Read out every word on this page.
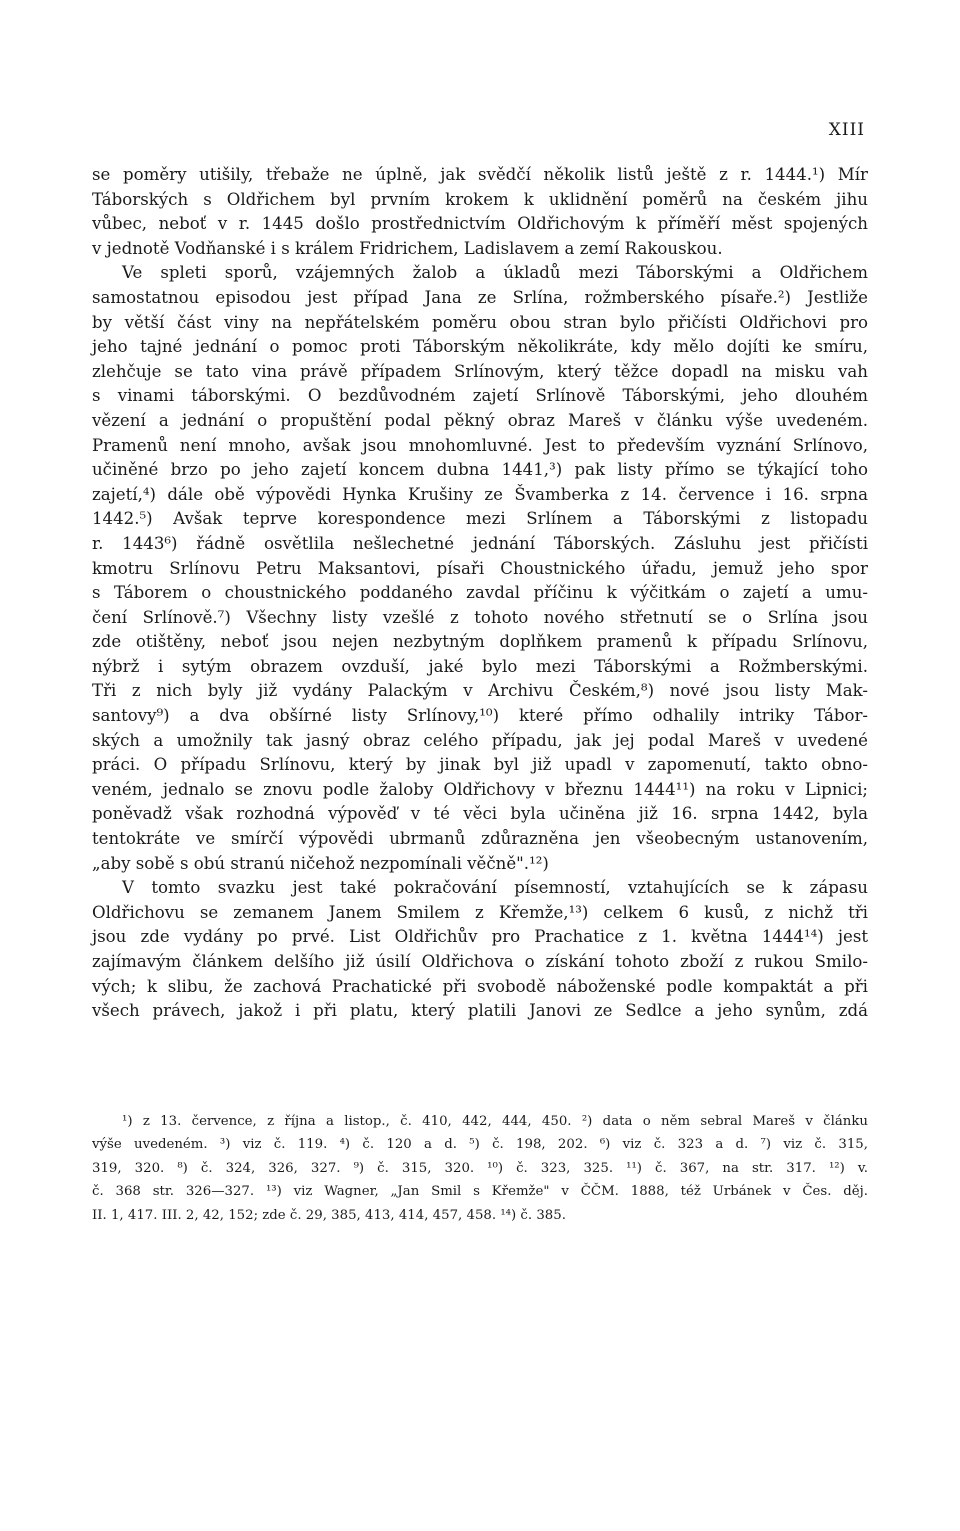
XIII
se poměry utišily, třebaže ne úplně, jak svědčí několik listů ještě z r. 1444.¹) Mír
Táborských s Oldřichem byl prvním krokem k uklidnění poměrů na českém jihu
vůbec, neboť v r. 1445 došlo prostřednictvím Oldřichovým k příměří měst spojených
v jednotě Vodňanské i s králem Fridrichem, Ladislavem a zemí Rakouskou.
Ve spleti sporů, vzájemných žalob a úkladů mezi Táborskými a Oldřichem
samostatnou episodou jest případ Jana ze Srlína, rožmberského písaře.²) Jestliže
by větší část viny na nepřátelském poměru obou stran bylo přičísti Oldřichovi pro
jeho tajné jednání o pomoc proti Táborským několikráte, kdy mělo dojíti ke smíru,
zlehčuje se tato vina právě případem Srlínovým, který těžce dopadl na misku vah
s vinami táborskými. O bezdůvodném zajetí Srlínově Táborskými, jeho dlouhém
vězení a jednání o propuštění podal pěkný obraz Mareš v článku výše uvedeném.
Pramenů není mnoho, avšak jsou mnohomluvné. Jest to především vyznání Srlínovo,
učiněné brzo po jeho zajetí koncem dubna 1441,³) pak listy přímo se týkající toho
zajetí,⁴) dále obě výpovědi Hynka Krušiny ze Švamberka z 14. července i 16. srpna
1442.⁵) Avšak teprve korespondence mezi Srlínem a Táborskými z listopadu
r. 1443⁶) řádně osvětlila nešlechetné jednání Táborských. Zásluhu jest přičísti
kmotru Srlínovu Petru Maksantovi, písaři Choustnického úřadu, jemuž jeho spor
s Táborem o choustnického poddaného zavdal příčinu k výčitkám o zajetí a umu-
čení Srlínově.⁷) Všechny listy vzešlé z tohoto nového střetnutí se o Srlína jsou
zde otištěny, neboť jsou nejen nezbytným doplňkem pramenů k případu Srlínovu,
nýbrž i sytým obrazem ovzduší, jaké bylo mezi Táborskými a Rožmberskými.
Tři z nich byly již vydány Palackým v Archivu Českém,⁸) nové jsou listy Mak-
santovy⁹) a dva obšírné listy Srlínovy,¹⁰) které přímo odhalily intriky Tábor-
ských a umožnily tak jasný obraz celého případu, jak jej podal Mareš v uvedené
práci. O případu Srlínovu, který by jinak byl již upadl v zapomenutí, takto obno-
veném, jednalo se znovu podle žaloby Oldřichovy v březnu 1444¹¹) na roku v Lipnici;
poněvadž však rozhodná výpověď v té věci byla učiněna již 16. srpna 1442, byla
tentokráte ve smírčí výpovědi ubrmanů zdůrazněna jen všeobecným ustanovením,
„aby sobě s obú stranú ničehož nezpomínali věčně".¹²)
V tomto svazku jest také pokračování písemností, vztahujících se k zápasu
Oldřichovu se zemanem Janem Smilem z Křemže,¹³) celkem 6 kusů, z nichž tři
jsou zde vydány po prvé. List Oldřichův pro Prachatice z 1. května 1444¹⁴) jest
zajímavým článkem delšího již úsilí Oldřichova o získání tohoto zboží z rukou Smilo-
vých; k slibu, že zachová Prachatické při svobodě náboženské podle kompaktát a při
všech právech, jakož i při platu, který platili Janovi ze Sedlce a jeho synům, zdá
¹) z 13. července, z října a listop., č. 410, 442, 444, 450. ²) data o něm sebral Mareš v článku
výše uvedeném. ³) viz č. 119. ⁴) č. 120 a d. ⁵) č. 198, 202. ⁶) viz č. 323 a d. ⁷) viz č. 315,
319, 320. ⁸) č. 324, 326, 327. ⁹) č. 315, 320. ¹⁰) č. 323, 325. ¹¹) č. 367, na str. 317. ¹²) v.
č. 368 str. 326—327. ¹³) viz Wagner, „Jan Smil s Křemže" v ČČM. 1888, též Urbánek v Čes. děj.
II. 1, 417. III. 2, 42, 152; zde č. 29, 385, 413, 414, 457, 458. ¹⁴) č. 385.
